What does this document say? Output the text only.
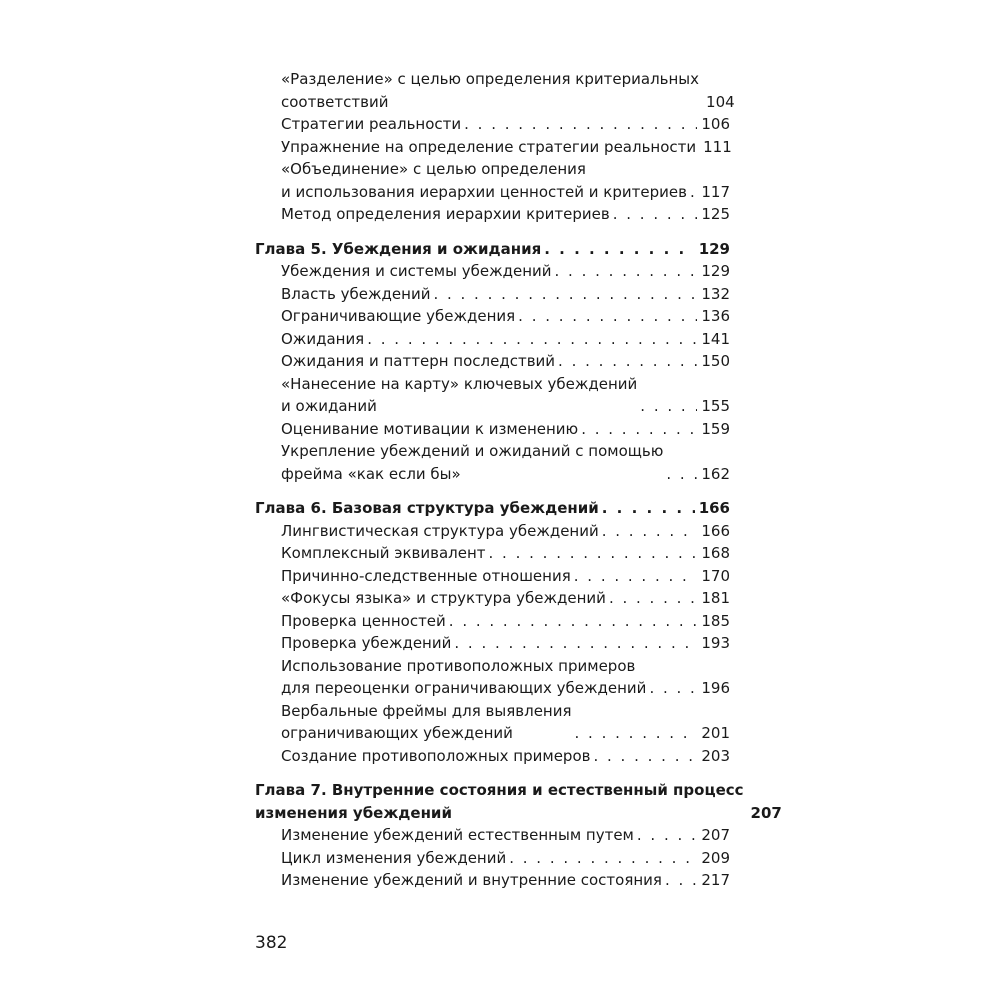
«Разделение» с целью определения критериальных
соответствий . . .	104
Стратегии реальности . . .	106
Упражнение на определение стратегии реальности . . . 111
«Объединение» с целью определения
и использования иерархии ценностей и критериев . . . 117
Метод определения иерархии критериев . . .	125
Глава 5. Убеждения и ожидания . . .	129
Убеждения и системы убеждений . . .	129
Власть убеждений . . .	132
Ограничивающие убеждения . . .	136
Ожидания . . .	141
Ожидания и паттерн последствий . . .	150
«Нанесение на карту» ключевых убеждений
и ожиданий . . .	155
Оценивание мотивации к изменению . . .	159
Укрепление убеждений и ожиданий с помощью
фрейма «как если бы» . . .	162
Глава 6. Базовая структура убеждений . . .	166
Лингвистическая структура убеждений . . .	166
Комплексный эквивалент . . .	168
Причинно-следственные отношения . . .	170
«Фокусы языка» и структура убеждений . . .	181
Проверка ценностей . . .	185
Проверка убеждений . . .	193
Использование противоположных примеров
для переоценки ограничивающих убеждений . . .	196
Вербальные фреймы для выявления
ограничивающих убеждений . . .	201
Создание противоположных примеров . . .	203
Глава 7. Внутренние состояния и естественный процесс
изменения убеждений . . .	207
Изменение убеждений естественным путем . . .	207
Цикл изменения убеждений . . .	209
Изменение убеждений и внутренние состояния . . .	217
382
